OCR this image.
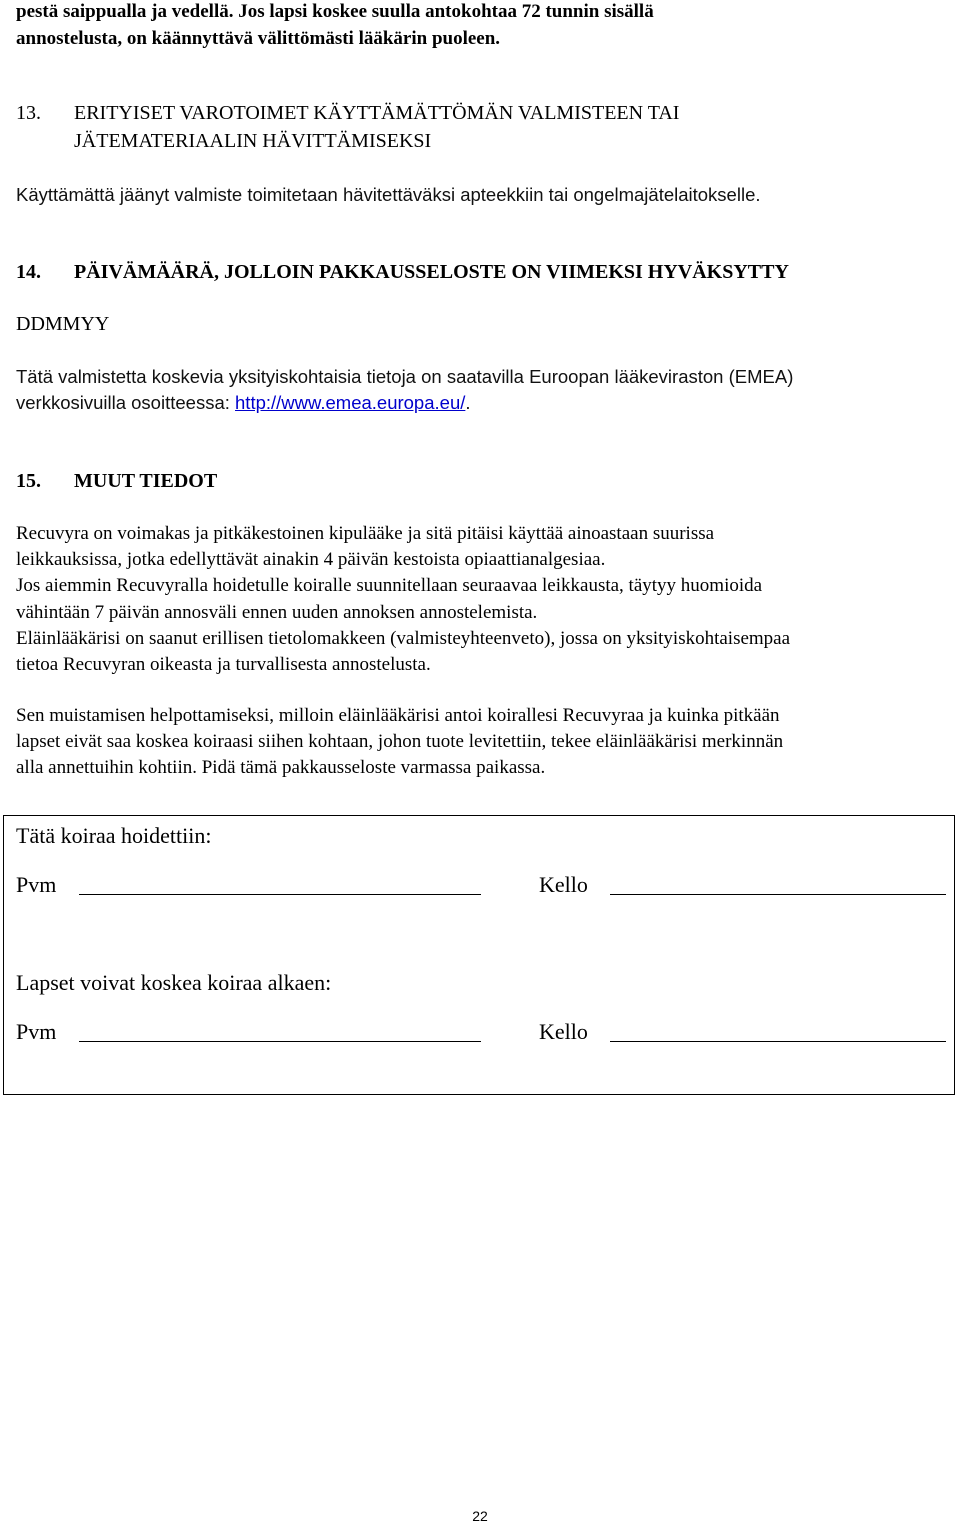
pestä saippualla ja vedellä. Jos lapsi koskee suulla antokohtaa 72 tunnin sisällä
annostelusta, on käännyttävä välittömästi lääkärin puoleen.
13. ERITYISET VAROTOIMET KÄYTTÄMÄTTÖMÄN VALMISTEEN TAI
JÄTEMATERIAALIN HÄVITTÄMISEKSI
Käyttämättä jäänyt valmiste toimitetaan hävitettäväksi apteekkiin tai ongelmajätelaitokselle.
14. PÄIVÄMÄÄRÄ, JOLLOIN PAKKAUSSELOSTE ON VIIMEKSI HYVÄKSYTTY
DDMMYY
Tätä valmistetta koskevia yksityiskohtaisia tietoja on saatavilla Euroopan lääkeviraston (EMEA)
verkkosivuilla osoitteessa: http://www.emea.europa.eu/.
15. MUUT TIEDOT
Recuvyra on voimakas ja pitkäkestoinen kipulääke ja sitä pitäisi käyttää ainoastaan suurissa
leikkauksissa, jotka edellyttävät ainakin 4 päivän kestoista opiaattianalgesiaa.
Jos aiemmin Recuvyralla hoidetulle koiralle suunnitellaan seuraavaa leikkausta, täytyy huomioida
vähintään 7 päivän annosväli ennen uuden annoksen annostelemista.
Eläinlääkärisi on saanut erillisen tietolomakkeen (valmisteyhteenveto), jossa on yksityiskohtaisempaa
tietoa Recuvyran oikeasta ja turvallisesta annostelusta.
Sen muistamisen helpottamiseksi, milloin eläinlääkärisi antoi koirallesi Recuvyraa ja kuinka pitkään
lapset eivät saa koskea koiraasi siihen kohtaan, johon tuote levitettiin, tekee eläinlääkärisi merkinnän
alla annettuihin kohtiin. Pidä tämä pakkausseloste varmassa paikassa.
Tätä koiraa hoidettiin:
Pvm	Kello
Lapset voivat koskea koiraa alkaen:
Pvm	Kello
22
